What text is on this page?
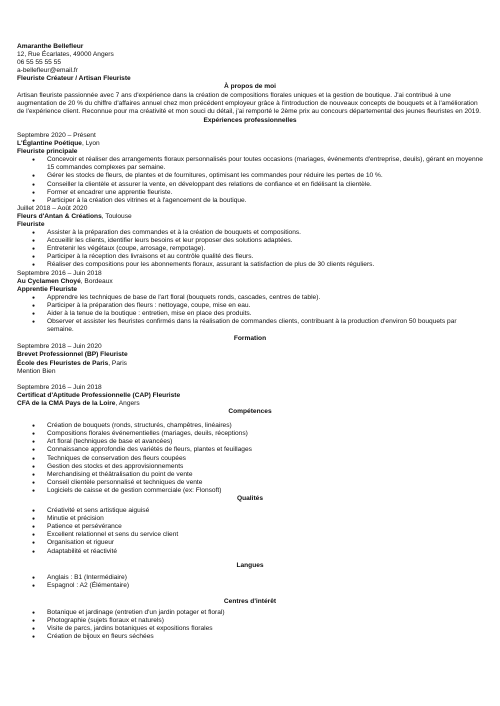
Amaranthe Bellefleur
12, Rue Écarlates, 49000 Angers
06 55 55 55 55
a-bellefleur@email.fr
Fleuriste Créateur / Artisan Fleuriste
À propos de moi
Artisan fleuriste passionnée avec 7 ans d'expérience dans la création de compositions florales uniques et la gestion de boutique. J'ai contribué à une augmentation de 20 % du chiffre d'affaires annuel chez mon précédent employeur grâce à l'introduction de nouveaux concepts de bouquets et à l'amélioration de l'expérience client. Reconnue pour ma créativité et mon souci du détail, j'ai remporté le 2ème prix au concours départemental des jeunes fleuristes en 2019.
Expériences professionnelles
Septembre 2020 – Présent
L'Églantine Poétique, Lyon
Fleuriste principale
● Concevoir et réaliser des arrangements floraux personnalisés pour toutes occasions (mariages, événements d'entreprise, deuils), gérant en moyenne 15 commandes complexes par semaine.
● Gérer les stocks de fleurs, de plantes et de fournitures, optimisant les commandes pour réduire les pertes de 10 %.
● Conseiller la clientèle et assurer la vente, en développant des relations de confiance et en fidélisant la clientèle.
● Former et encadrer une apprentie fleuriste.
● Participer à la création des vitrines et à l'agencement de la boutique.
Juillet 2018 – Août 2020
Fleurs d'Antan & Créations, Toulouse
Fleuriste
● Assister à la préparation des commandes et à la création de bouquets et compositions.
● Accueillir les clients, identifier leurs besoins et leur proposer des solutions adaptées.
● Entretenir les végétaux (coupe, arrosage, rempotage).
● Participer à la réception des livraisons et au contrôle qualité des fleurs.
● Réaliser des compositions pour les abonnements floraux, assurant la satisfaction de plus de 30 clients réguliers.
Septembre 2016 – Juin 2018
Au Cyclamen Choyé, Bordeaux
Apprentie Fleuriste
● Apprendre les techniques de base de l'art floral (bouquets ronds, cascades, centres de table).
● Participer à la préparation des fleurs : nettoyage, coupe, mise en eau.
● Aider à la tenue de la boutique : entretien, mise en place des produits.
● Observer et assister les fleuristes confirmés dans la réalisation de commandes clients, contribuant à la production d'environ 50 bouquets par semaine.
Formation
Septembre 2018 – Juin 2020
Brevet Professionnel (BP) Fleuriste
École des Fleuristes de Paris, Paris
Mention Bien
Septembre 2016 – Juin 2018
Certificat d'Aptitude Professionnelle (CAP) Fleuriste
CFA de la CMA Pays de la Loire, Angers
Compétences
● Création de bouquets (ronds, structurés, champêtres, linéaires)
● Compositions florales événementielles (mariages, deuils, réceptions)
● Art floral (techniques de base et avancées)
● Connaissance approfondie des variétés de fleurs, plantes et feuillages
● Techniques de conservation des fleurs coupées
● Gestion des stocks et des approvisionnements
● Merchandising et théâtralisation du point de vente
● Conseil clientèle personnalisé et techniques de vente
● Logiciels de caisse et de gestion commerciale (ex: Flonsoft)
Qualités
● Créativité et sens artistique aiguisé
● Minutie et précision
● Patience et persévérance
● Excellent relationnel et sens du service client
● Organisation et rigueur
● Adaptabilité et réactivité
Langues
● Anglais : B1 (Intermédiaire)
● Espagnol : A2 (Élémentaire)
Centres d'intérêt
● Botanique et jardinage (entretien d'un jardin potager et floral)
● Photographie (sujets floraux et naturels)
● Visite de parcs, jardins botaniques et expositions florales
● Création de bijoux en fleurs séchées
